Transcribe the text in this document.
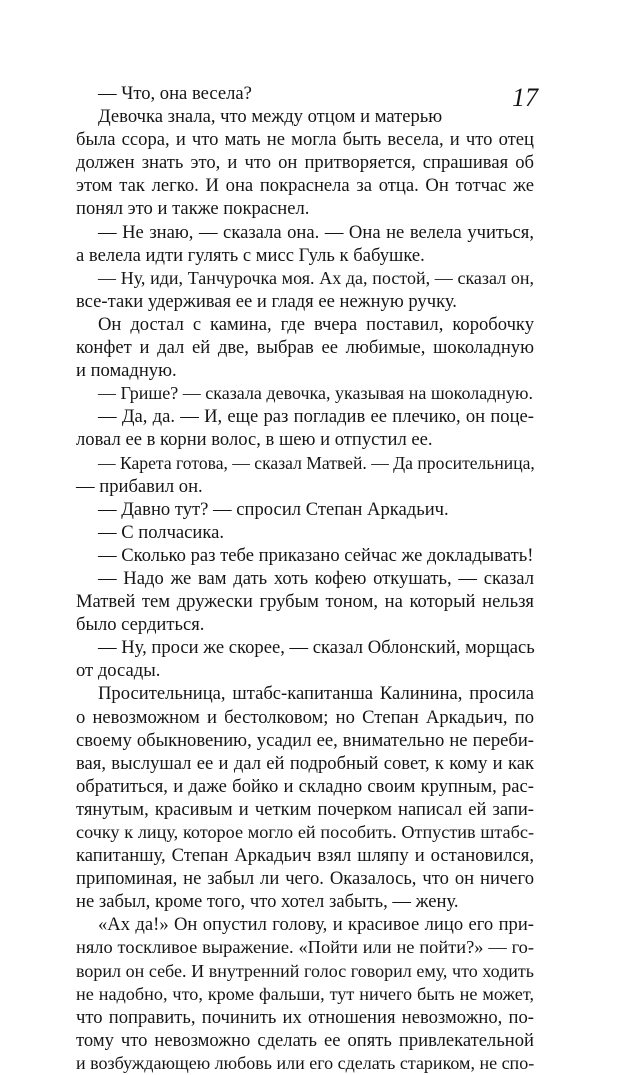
17
— Что, она весела?
Девочка знала, что между отцом и матерью
была ссора, и что мать не могла быть весела, и что отец
должен знать это, и что он притворяется, спрашивая об
этом так легко. И она покраснела за отца. Он тотчас же
понял это и также покраснел.
— Не знаю, — сказала она. — Она не велела учиться,
а велела идти гулять с мисс Гуль к бабушке.
— Ну, иди, Танчурочка моя. Ах да, постой, — сказал он,
все-таки удерживая ее и гладя ее нежную ручку.
Он достал с камина, где вчера поставил, коробочку
конфет и дал ей две, выбрав ее любимые, шоколадную
и помадную.
— Грише? — сказала девочка, указывая на шоколадную.
— Да, да. — И, еще раз погладив ее плечико, он поце-
ловал ее в корни волос, в шею и отпустил ее.
— Карета готова, — сказал Матвей. — Да просительница,
— прибавил он.
— Давно тут? — спросил Степан Аркадьич.
— С полчасика.
— Сколько раз тебе приказано сейчас же докладывать!
— Надо же вам дать хоть кофею откушать, — сказал
Матвей тем дружески грубым тоном, на который нельзя
было сердиться.
— Ну, проси же скорее, — сказал Облонский, морщась
от досады.
Просительница, штабс-капитанша Калинина, просила
о невозможном и бестолковом; но Степан Аркадьич, по
своему обыкновению, усадил ее, внимательно не переби-
вая, выслушал ее и дал ей подробный совет, к кому и как
обратиться, и даже бойко и складно своим крупным, рас-
тянутым, красивым и четким почерком написал ей запи-
сочку к лицу, которое могло ей пособить. Отпустив штабс-
капитаншу, Степан Аркадьич взял шляпу и остановился,
припоминая, не забыл ли чего. Оказалось, что он ничего
не забыл, кроме того, что хотел забыть, — жену.
«Ах да!» Он опустил голову, и красивое лицо его при-
няло тоскливое выражение. «Пойти или не пойти?» — го-
ворил он себе. И внутренний голос говорил ему, что ходить
не надобно, что, кроме фальши, тут ничего быть не может,
что поправить, починить их отношения невозможно, по-
тому что невозможно сделать ее опять привлекательной
и возбуждающею любовь или его сделать стариком, не спо-
